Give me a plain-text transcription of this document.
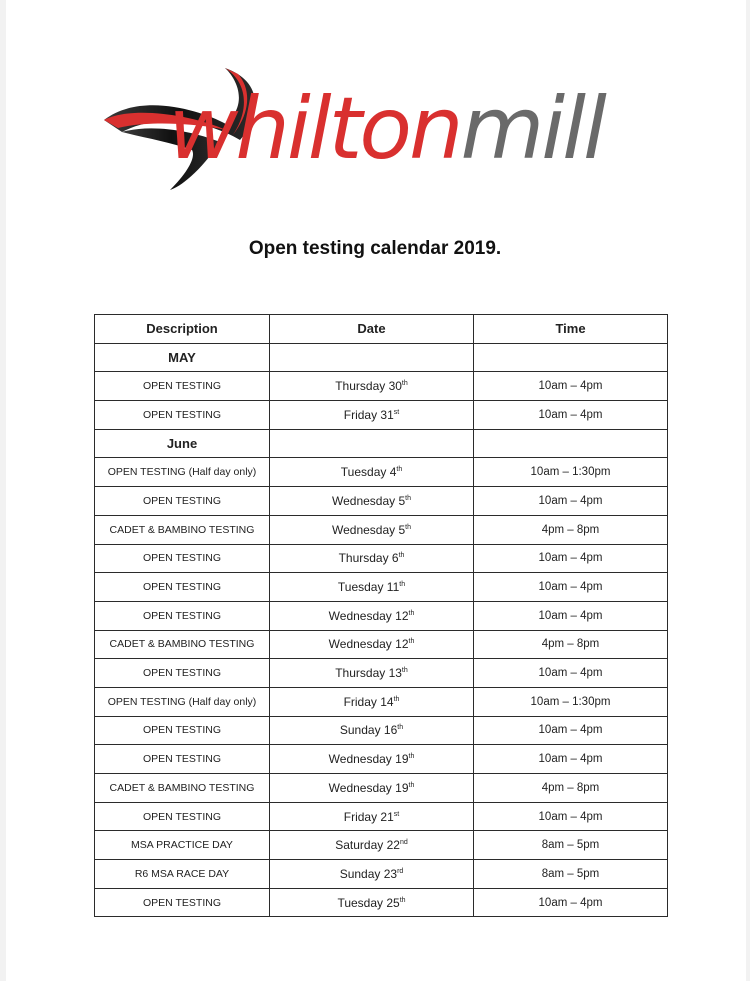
whiltonmill
Open testing calendar 2019.
Description	Date	Time
MAY		
OPEN TESTING	Thursday 30th	10am – 4pm
OPEN TESTING	Friday 31st	10am – 4pm
June		
OPEN TESTING (Half day only)	Tuesday 4th	10am – 1:30pm
OPEN TESTING	Wednesday 5th	10am – 4pm
CADET & BAMBINO TESTING	Wednesday 5th	4pm – 8pm
OPEN TESTING	Thursday 6th	10am – 4pm
OPEN TESTING	Tuesday 11th	10am – 4pm
OPEN TESTING	Wednesday 12th	10am – 4pm
CADET & BAMBINO TESTING	Wednesday 12th	4pm – 8pm
OPEN TESTING	Thursday 13th	10am – 4pm
OPEN TESTING (Half day only)	Friday 14th	10am – 1:30pm
OPEN TESTING	Sunday 16th	10am – 4pm
OPEN TESTING	Wednesday 19th	10am – 4pm
CADET & BAMBINO TESTING	Wednesday 19th	4pm – 8pm
OPEN TESTING	Friday 21st	10am – 4pm
MSA PRACTICE DAY	Saturday 22nd	8am – 5pm
R6 MSA RACE DAY	Sunday 23rd	8am – 5pm
OPEN TESTING	Tuesday 25th	10am – 4pm
